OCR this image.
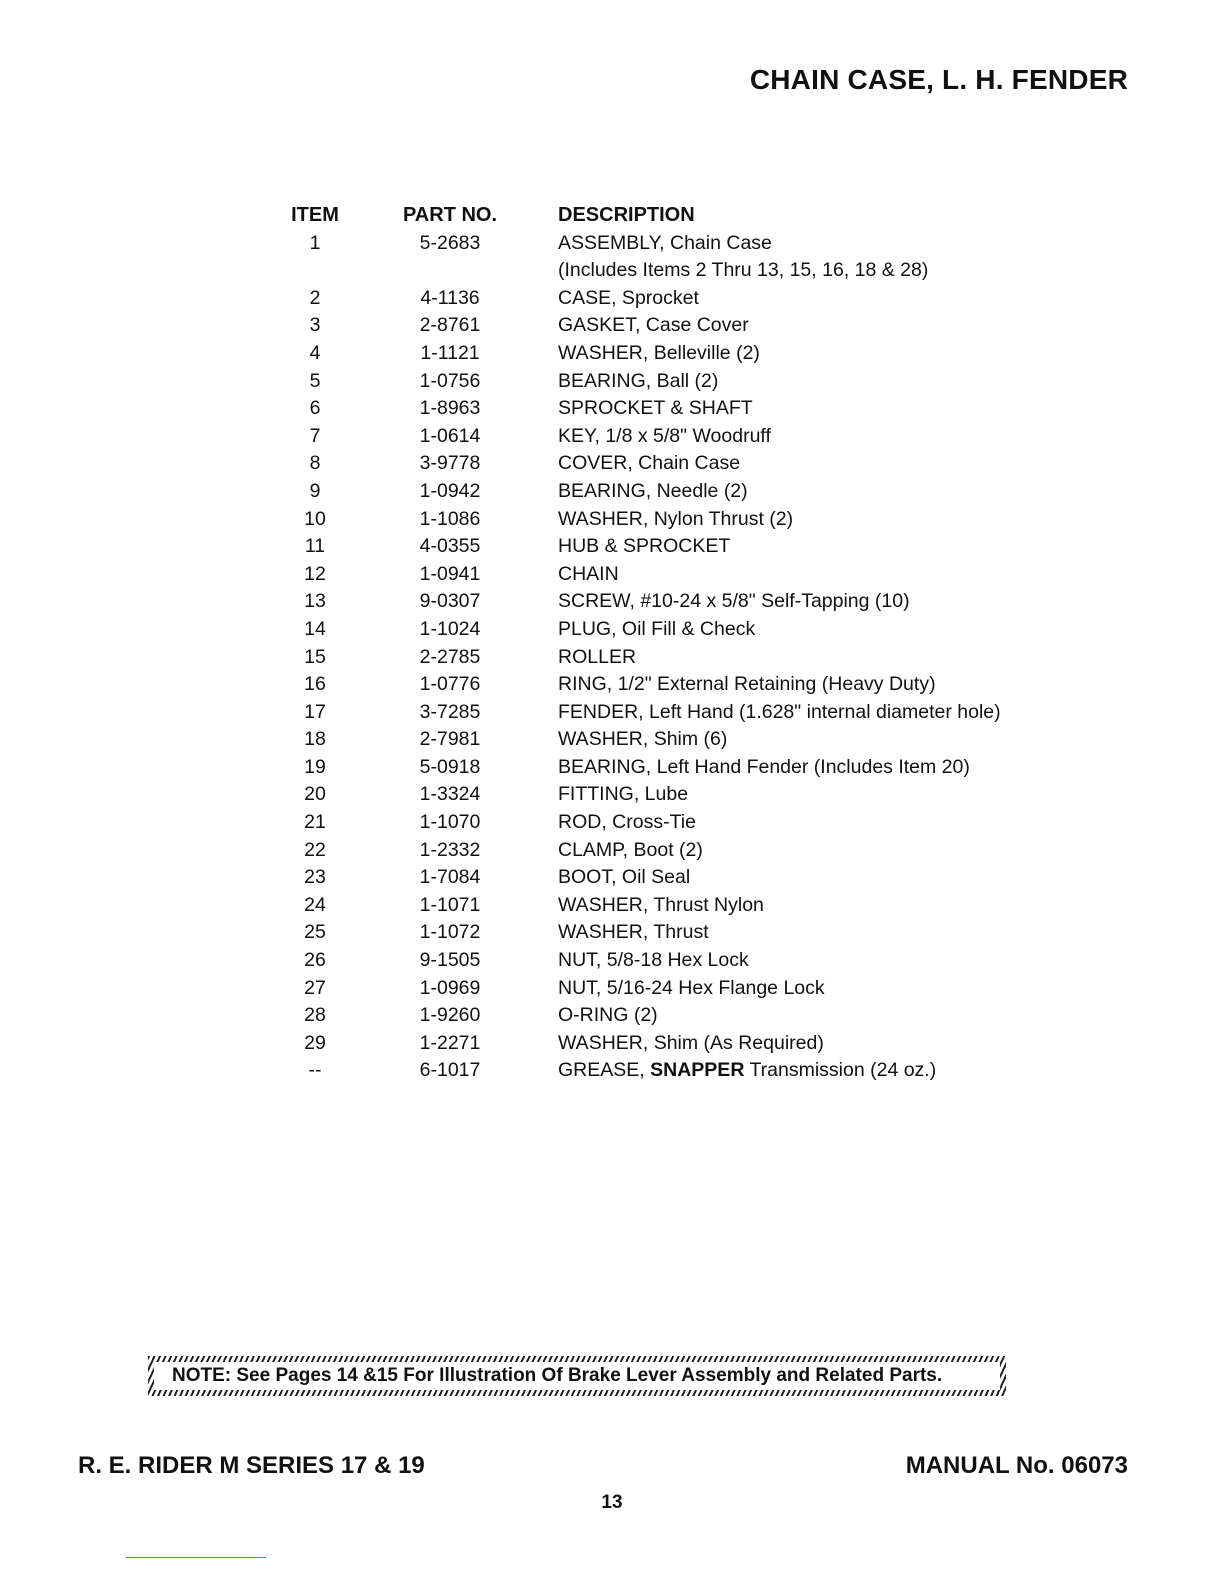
CHAIN CASE, L. H. FENDER
ITEM	PART NO.	DESCRIPTION
1	5-2683	ASSEMBLY, Chain Case
(Includes Items 2 Thru 13, 15, 16, 18 & 28)
2	4-1136	CASE, Sprocket
3	2-8761	GASKET, Case Cover
4	1-1121	WASHER, Belleville (2)
5	1-0756	BEARING, Ball (2)
6	1-8963	SPROCKET & SHAFT
7	1-0614	KEY, 1/8 x 5/8" Woodruff
8	3-9778	COVER, Chain Case
9	1-0942	BEARING, Needle (2)
10	1-1086	WASHER, Nylon Thrust (2)
11	4-0355	HUB & SPROCKET
12	1-0941	CHAIN
13	9-0307	SCREW, #10-24 x 5/8" Self-Tapping (10)
14	1-1024	PLUG, Oil Fill & Check
15	2-2785	ROLLER
16	1-0776	RING, 1/2" External Retaining (Heavy Duty)
17	3-7285	FENDER, Left Hand (1.628" internal diameter hole)
18	2-7981	WASHER, Shim (6)
19	5-0918	BEARING, Left Hand Fender (Includes Item 20)
20	1-3324	FITTING, Lube
21	1-1070	ROD, Cross-Tie
22	1-2332	CLAMP, Boot (2)
23	1-7084	BOOT, Oil Seal
24	1-1071	WASHER, Thrust Nylon
25	1-1072	WASHER, Thrust
26	9-1505	NUT, 5/8-18 Hex Lock
27	1-0969	NUT, 5/16-24 Hex Flange Lock
28	1-9260	O-RING (2)
29	1-2271	WASHER, Shim (As Required)
--	6-1017	GREASE, SNAPPER Transmission (24 oz.)
NOTE: See Pages 14 &15 For Illustration Of Brake Lever Assembly and Related Parts.
R. E. RIDER M SERIES 17 & 19	MANUAL No. 06073
13
